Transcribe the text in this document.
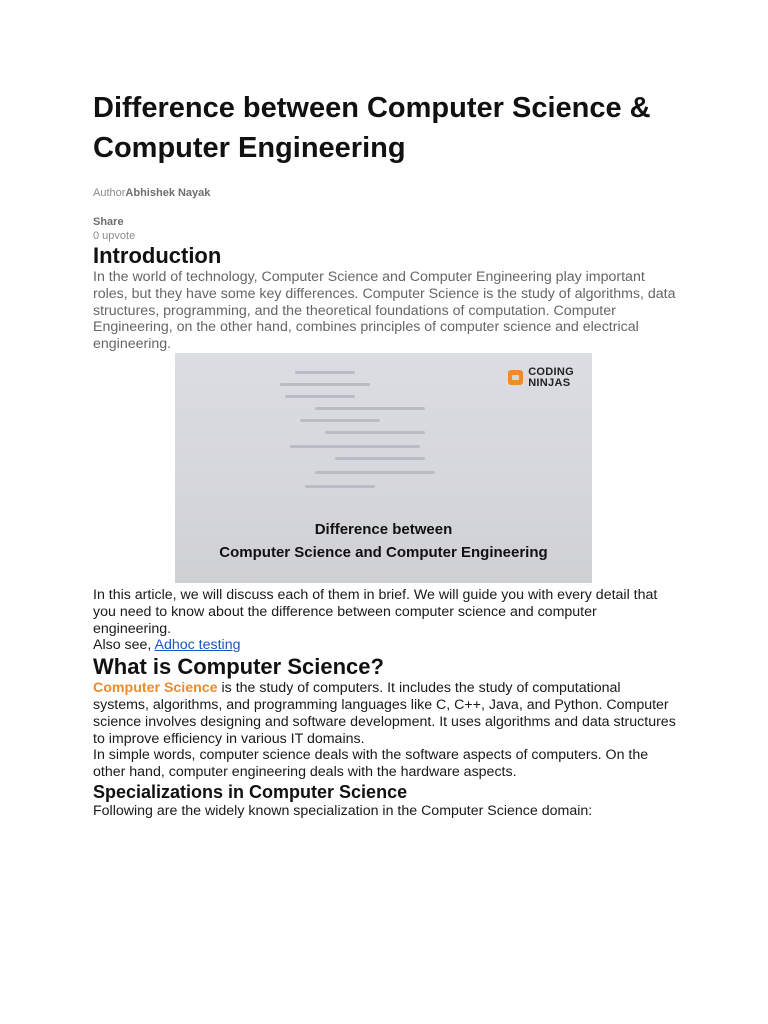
Difference between Computer Science & Computer Engineering
AuthorAbhishek Nayak
Share
0 upvote
Introduction

In the world of technology, Computer Science and Computer Engineering play important roles, but they have some key differences. Computer Science is the study of algorithms, data structures, programming, and the theoretical foundations of computation. Computer Engineering, on the other hand, combines principles of computer science and electrical engineering.

CODING
NINJAS
Difference between
Computer Science and Computer Engineering

In this article, we will discuss each of them in brief. We will guide you with every detail that you need to know about the difference between computer science and computer engineering.

Also see, Adhoc testing

What is Computer Science?

Computer Science is the study of computers. It includes the study of computational systems, algorithms, and programming languages like C, C++, Java, and Python. Computer science involves designing and software development. It uses algorithms and data structures to improve efficiency in various IT domains.

In simple words, computer science deals with the software aspects of computers. On the other hand, computer engineering deals with the hardware aspects.

Specializations in Computer Science

Following are the widely known specialization in the Computer Science domain:
